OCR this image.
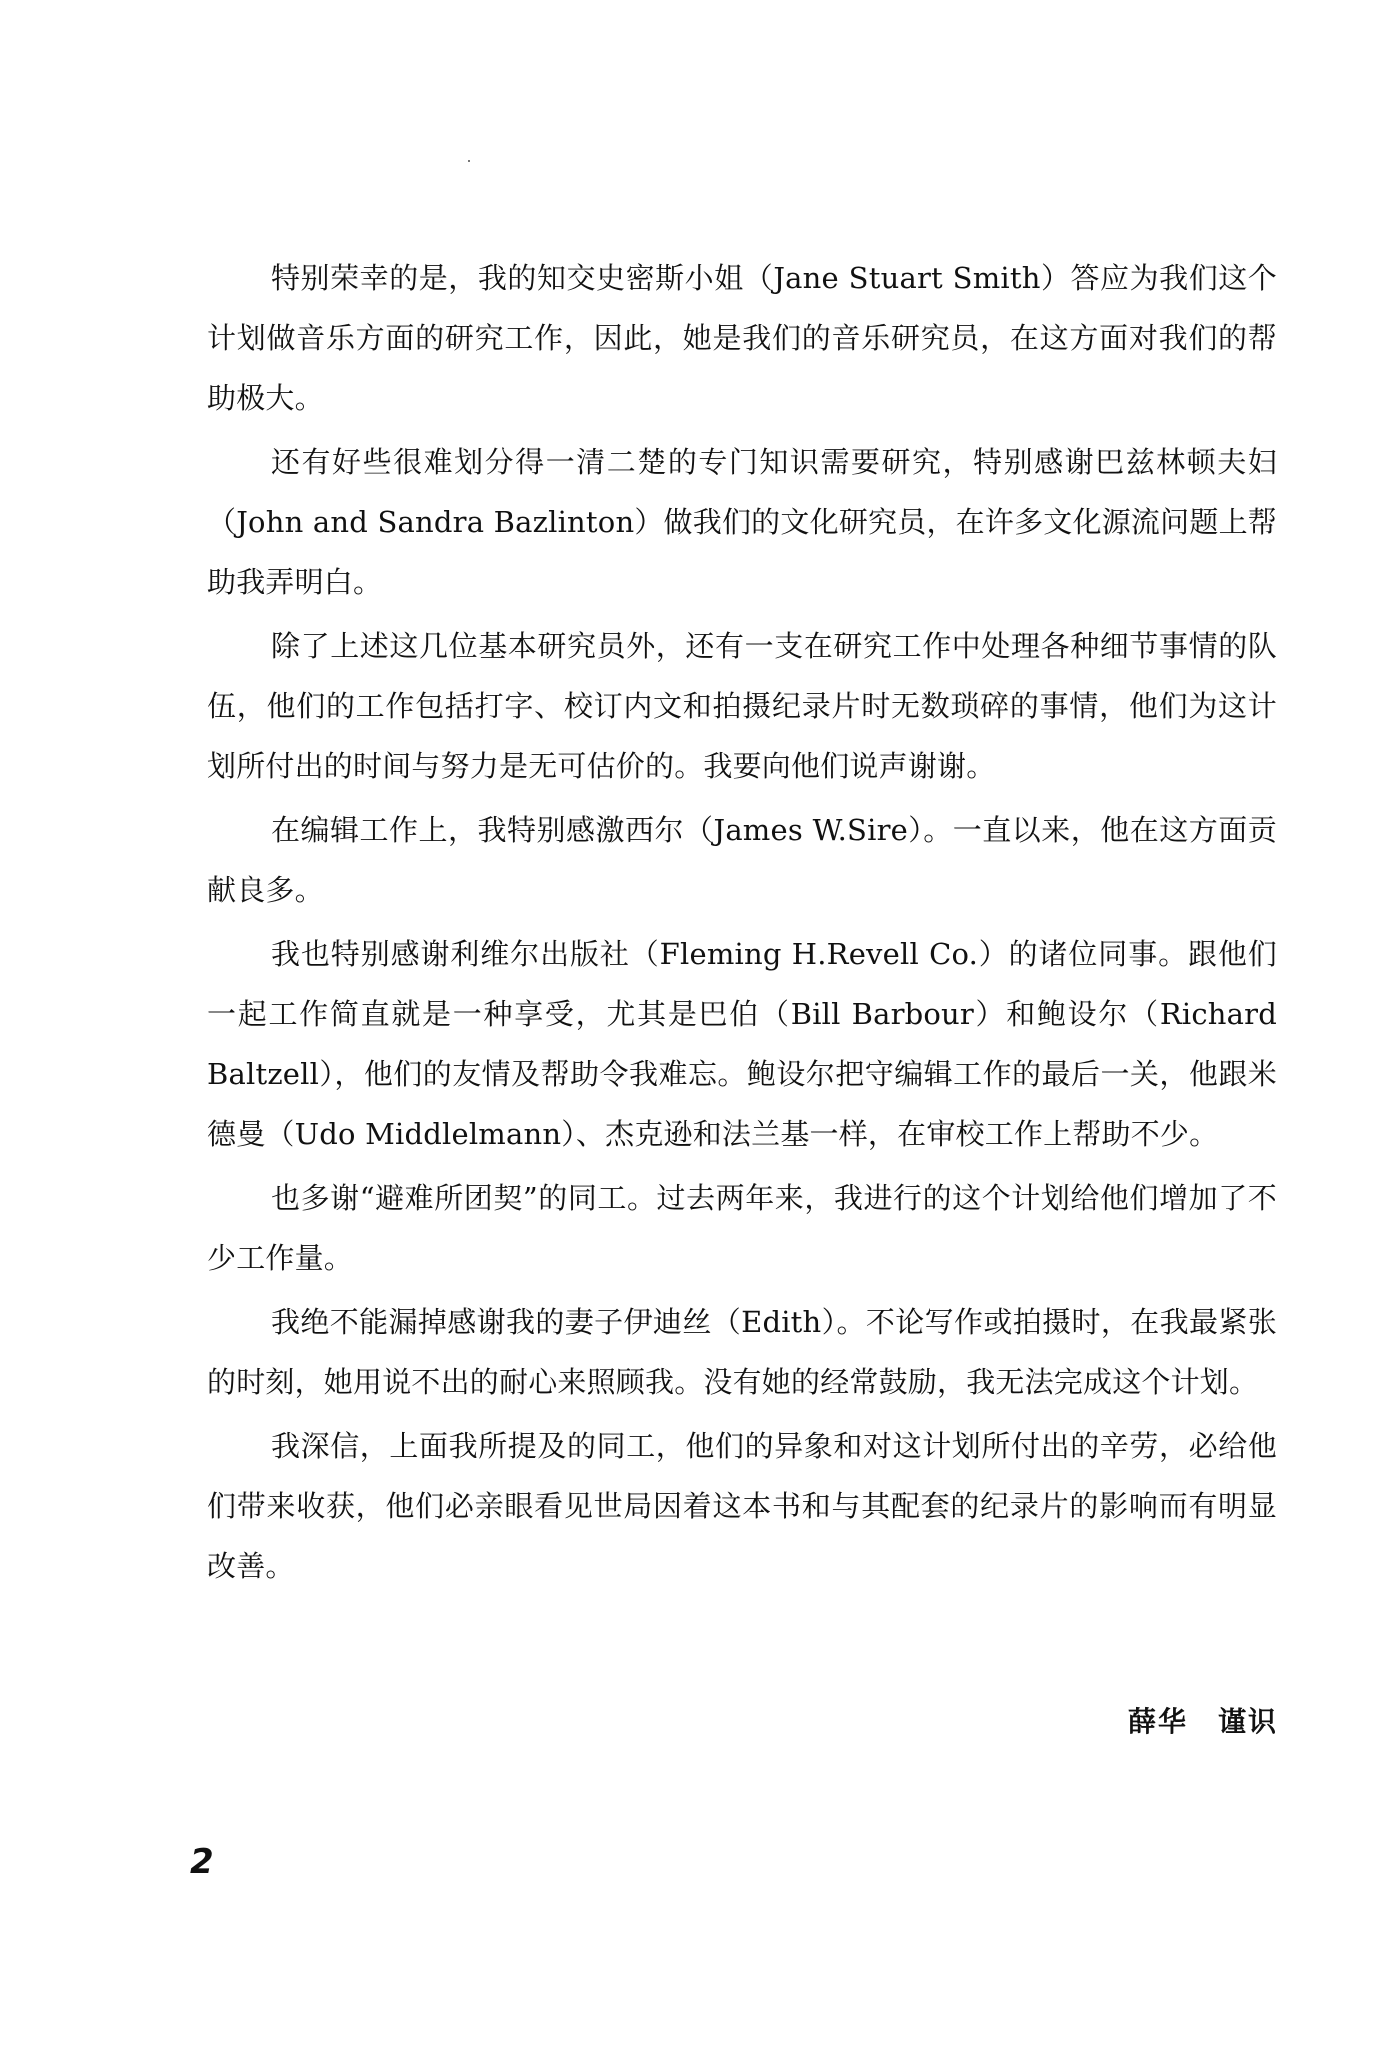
特别荣幸的是，我的知交史密斯小姐（Jane Stuart Smith）答应为我们这个计划做音乐方面的研究工作，因此，她是我们的音乐研究员，在这方面对我们的帮助极大。

还有好些很难划分得一清二楚的专门知识需要研究，特别感谢巴兹林顿夫妇（John and Sandra Bazlinton）做我们的文化研究员，在许多文化源流问题上帮助我弄明白。

除了上述这几位基本研究员外，还有一支在研究工作中处理各种细节事情的队伍，他们的工作包括打字、校订内文和拍摄纪录片时无数琐碎的事情，他们为这计划所付出的时间与努力是无可估价的。我要向他们说声谢谢。

在编辑工作上，我特别感激西尔（James W.Sire）。一直以来，他在这方面贡献良多。

我也特别感谢利维尔出版社（Fleming H.Revell Co.）的诸位同事。跟他们一起工作简直就是一种享受，尤其是巴伯（Bill Barbour）和鲍设尔（Richard Baltzell），他们的友情及帮助令我难忘。鲍设尔把守编辑工作的最后一关，他跟米德曼（Udo Middlelmann）、杰克逊和法兰基一样，在审校工作上帮助不少。

也多谢“避难所团契”的同工。过去两年来，我进行的这个计划给他们增加了不少工作量。

我绝不能漏掉感谢我的妻子伊迪丝（Edith）。不论写作或拍摄时，在我最紧张的时刻，她用说不出的耐心来照顾我。没有她的经常鼓励，我无法完成这个计划。

我深信，上面我所提及的同工，他们的异象和对这计划所付出的辛劳，必给他们带来收获，他们必亲眼看见世局因着这本书和与其配套的纪录片的影响而有明显改善。

薛华　谨识
2
